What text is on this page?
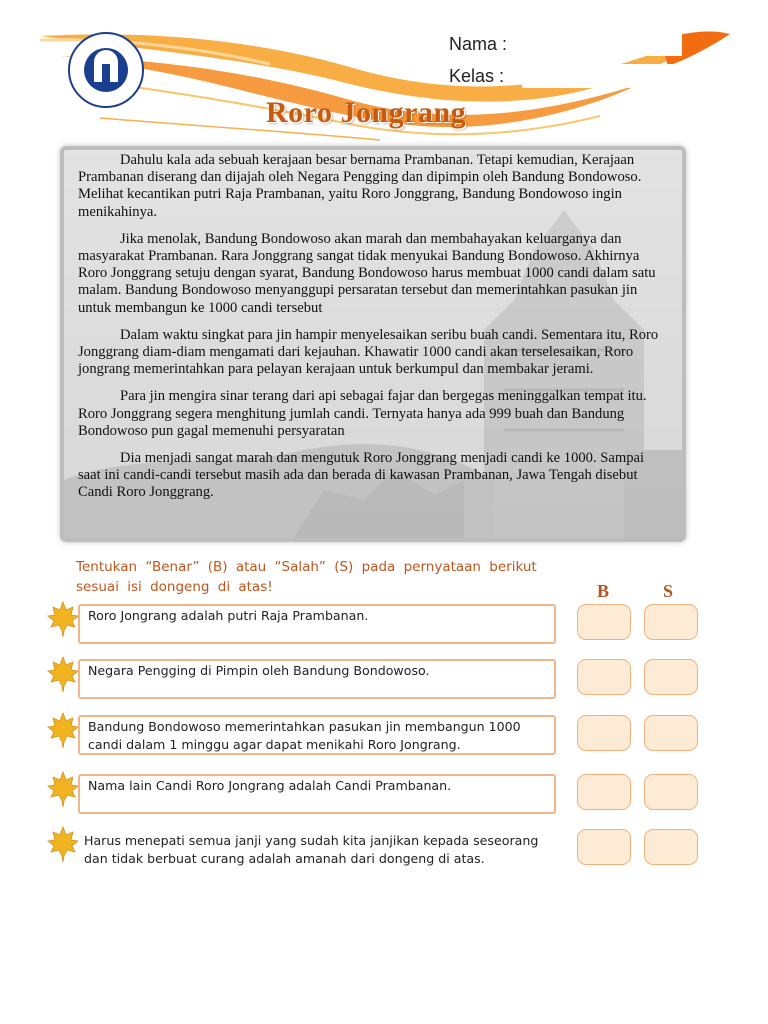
Nama :
Kelas :
Roro Jongrang

Dahulu kala ada sebuah kerajaan besar bernama Prambanan. Tetapi kemudian, Kerajaan Prambanan diserang dan dijajah oleh Negara Pengging dan dipimpin oleh Bandung Bondowoso. Melihat kecantikan putri Raja Prambanan, yaitu Roro Jonggrang, Bandung Bondowoso ingin menikahinya.

Jika menolak, Bandung Bondowoso akan marah dan membahayakan keluarganya dan masyarakat Prambanan. Rara Jonggrang sangat tidak menyukai Bandung Bondowoso. Akhirnya Roro Jonggrang setuju dengan syarat, Bandung Bondowoso harus membuat 1000 candi dalam satu malam. Bandung Bondowoso menyanggupi persaratan tersebut dan memerintahkan pasukan jin untuk membangun ke 1000 candi tersebut

Dalam waktu singkat para jin hampir menyelesaikan seribu buah candi. Sementara itu, Roro Jonggrang diam-diam mengamati dari kejauhan. Khawatir 1000 candi akan terselesaikan, Roro jongrang memerintahkan para pelayan kerajaan untuk berkumpul dan membakar jerami.

Para jin mengira sinar terang dari api sebagai fajar dan bergegas meninggalkan tempat itu. Roro Jonggrang segera menghitung jumlah candi. Ternyata hanya ada 999 buah dan Bandung Bondowoso pun gagal memenuhi persyaratan

Dia menjadi sangat marah dan mengutuk Roro Jonggrang menjadi candi ke 1000. Sampai saat ini candi-candi tersebut masih ada dan berada di kawasan Prambanan, Jawa Tengah disebut Candi Roro Jonggrang.

Tentukan “Benar” (B) atau “Salah” (S) pada pernyataan berikut sesuai isi dongeng di atas!	B	S
Roro Jongrang adalah putri Raja Prambanan.
Negara Pengging di Pimpin oleh Bandung Bondowoso.
Bandung Bondowoso memerintahkan pasukan jin membangun 1000 candi dalam 1 minggu agar dapat menikahi Roro Jongrang.
Nama lain Candi Roro Jongrang adalah Candi Prambanan.
Harus menepati semua janji yang sudah kita janjikan kepada seseorang dan tidak berbuat curang adalah amanah dari dongeng di atas.
